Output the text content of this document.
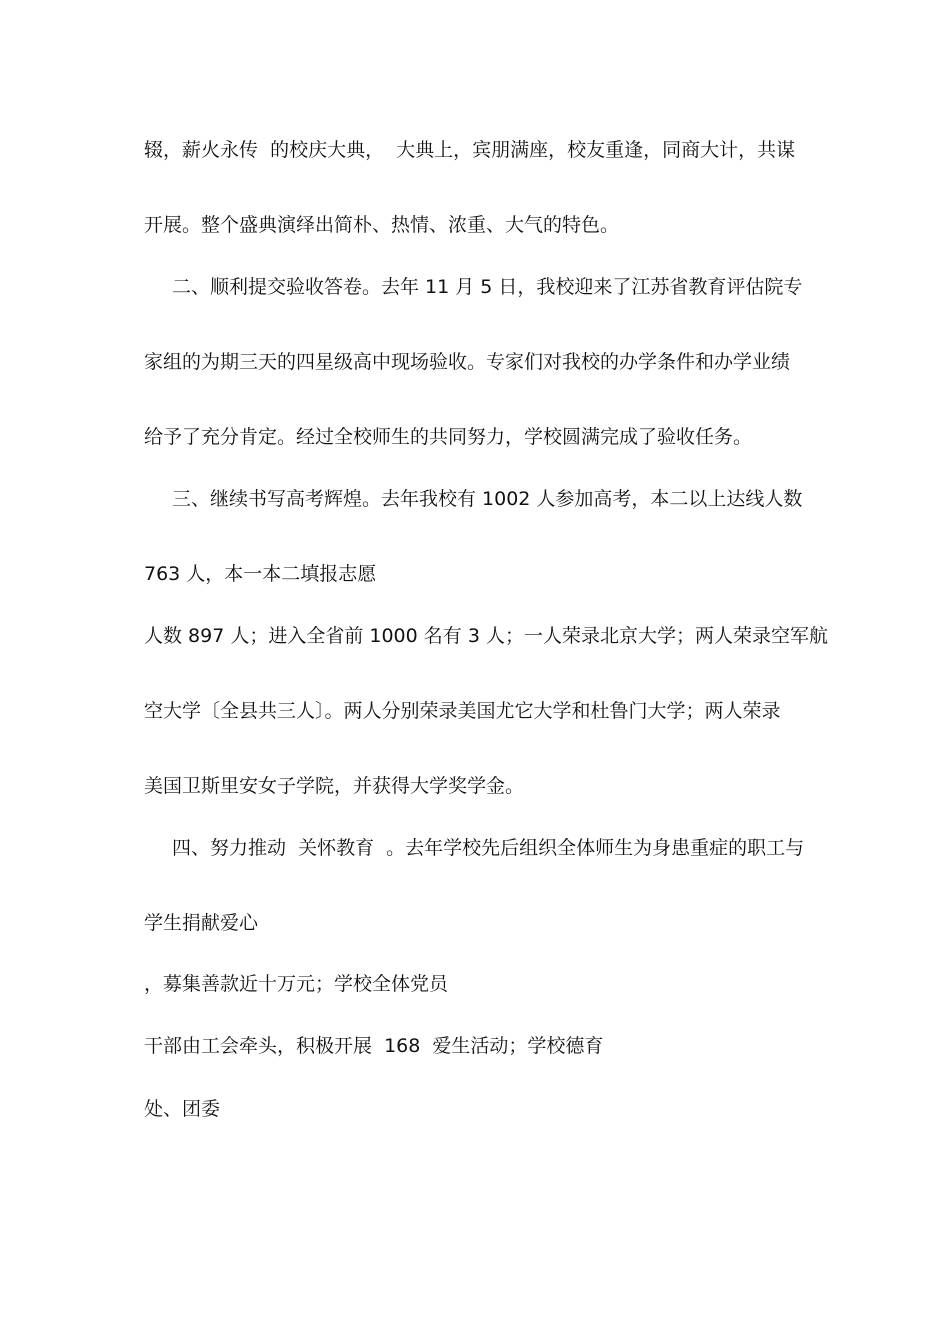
辍，薪火永传  的校庆大典，  大典上，宾朋满座，校友重逢，同商大计，共谋
开展。整个盛典演绎出简朴、热情、浓重、大气的特色。
二、顺利提交验收答卷。去年 11 月 5 日，我校迎来了江苏省教育评估院专
家组的为期三天的四星级高中现场验收。专家们对我校的办学条件和办学业绩
给予了充分肯定。经过全校师生的共同努力，学校圆满完成了验收任务。
三、继续书写高考辉煌。去年我校有 1002 人参加高考，本二以上达线人数
763 人，本一本二填报志愿
人数 897 人；进入全省前 1000 名有 3 人；一人荣录北京大学；两人荣录空军航
空大学〔全县共三人〕。两人分别荣录美国尤它大学和杜鲁门大学；两人荣录
美国卫斯里安女子学院，并获得大学奖学金。
四、努力推动  关怀教育  。去年学校先后组织全体师生为身患重症的职工与
学生捐献爱心
，募集善款近十万元；学校全体党员
干部由工会牵头，积极开展  168  爱生活动；学校德育
处、团委
